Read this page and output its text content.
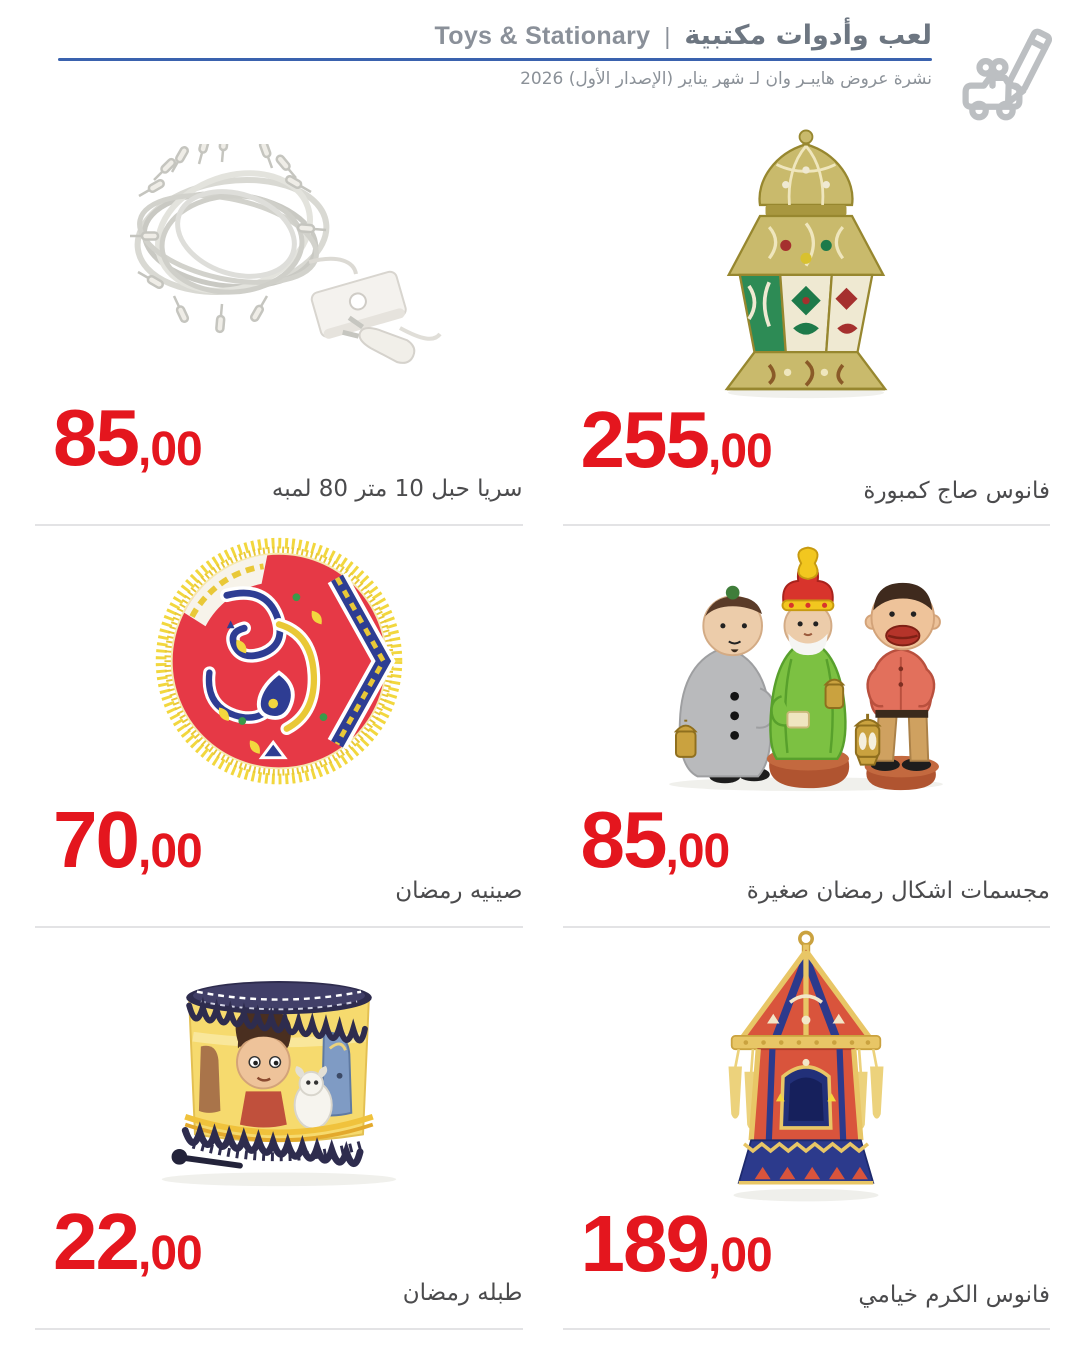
Toys & Stationary | لعب وأدوات مكتبية
نشرة عروض هايبـر وان لـ شهر يناير (الإصدار الأول) 2026
85,00
سريا حبل 10 متر 80 لمبه
255,00
فانوس صاج كمبورة
70,00
صينيه رمضان
85,00
مجسمات اشكال رمضان صغيرة
22,00
طبله رمضان
189,00
فانوس الكرم خيامي
